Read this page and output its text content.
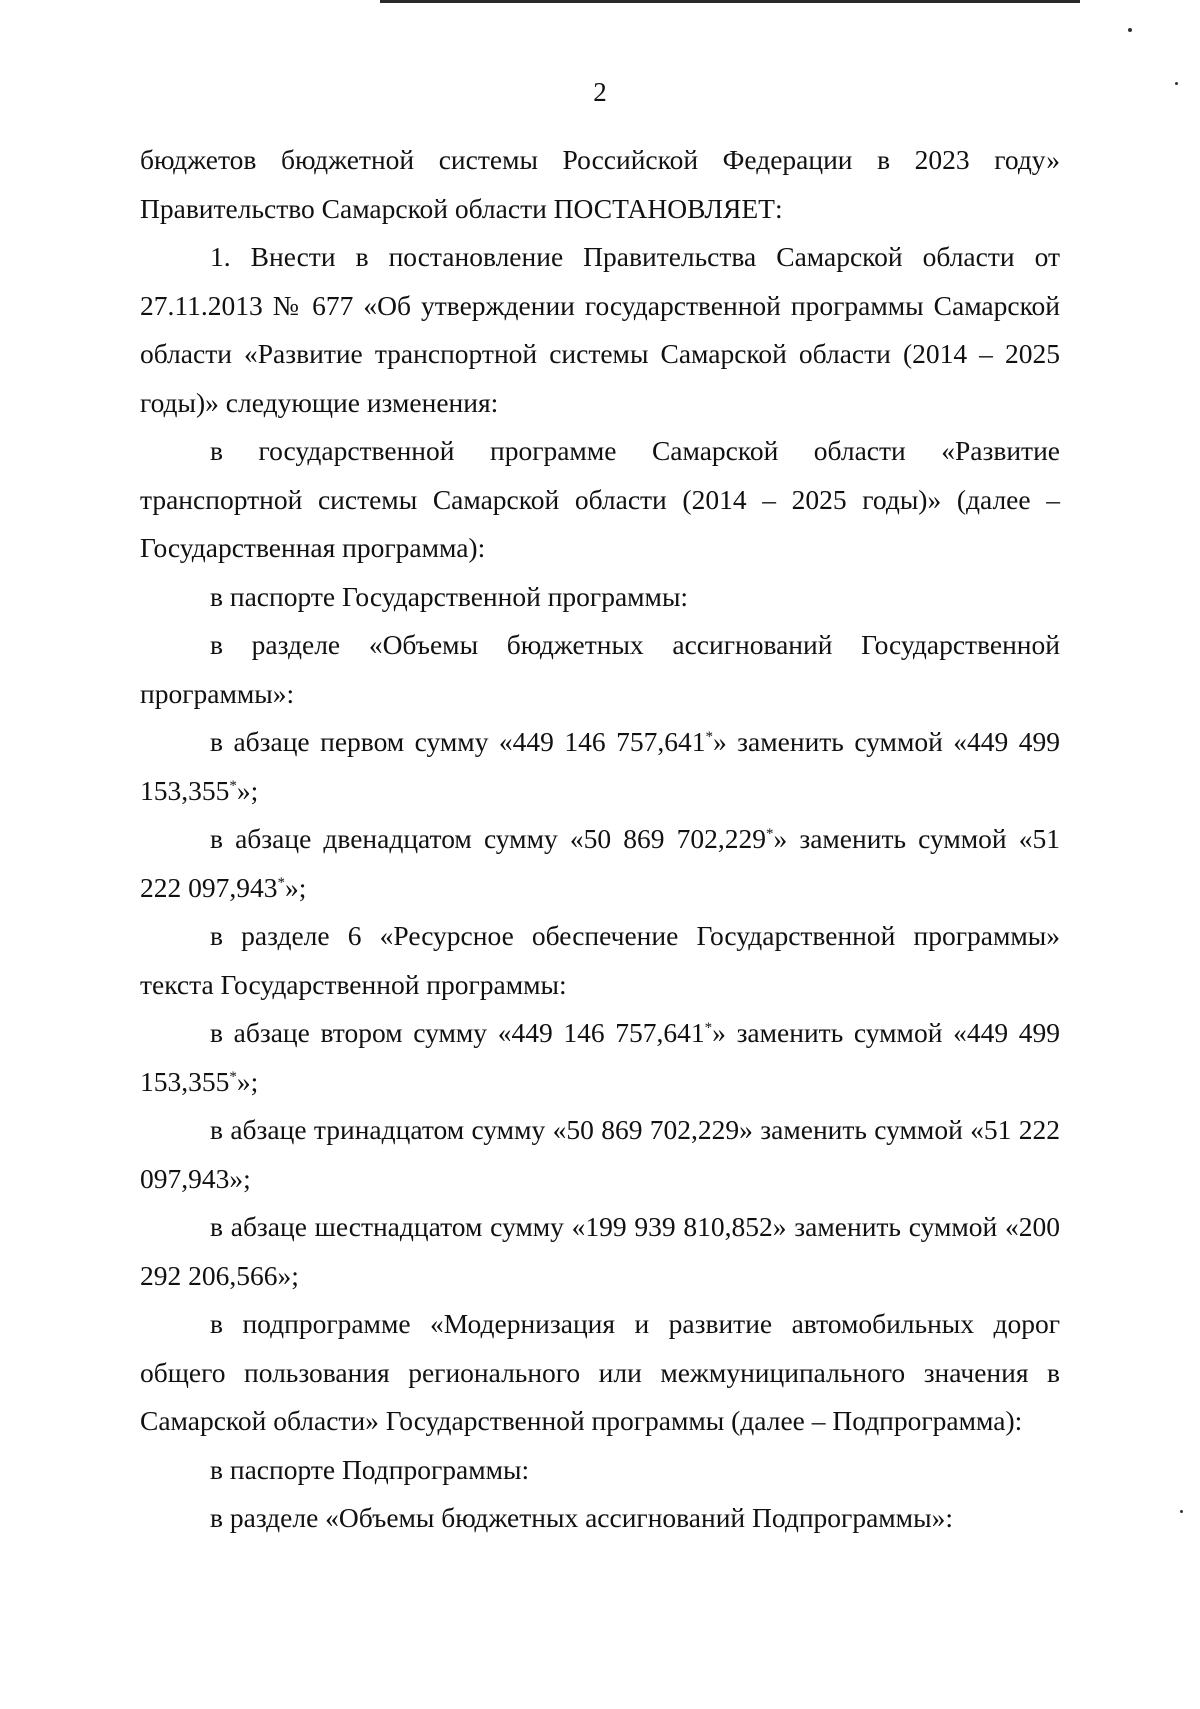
2

бюджетов бюджетной системы Российской Федерации в 2023 году» Правительство Самарской области ПОСТАНОВЛЯЕТ:

1. Внести в постановление Правительства Самарской области от 27.11.2013 № 677 «Об утверждении государственной программы Самарской области «Развитие транспортной системы Самарской области (2014 – 2025 годы)» следующие изменения:

в государственной программе Самарской области «Развитие транспортной системы Самарской области (2014 – 2025 годы)» (далее – Государственная программа):

в паспорте Государственной программы:

в разделе «Объемы бюджетных ассигнований Государственной программы»:

в абзаце первом сумму «449 146 757,641*» заменить суммой «449 499 153,355*»;

в абзаце двенадцатом сумму «50 869 702,229*» заменить суммой «51 222 097,943*»;

в разделе 6 «Ресурсное обеспечение Государственной программы» текста Государственной программы:

в абзаце втором сумму «449 146 757,641*» заменить суммой «449 499 153,355*»;

в абзаце тринадцатом сумму «50 869 702,229» заменить суммой «51 222 097,943»;

в абзаце шестнадцатом сумму «199 939 810,852» заменить суммой «200 292 206,566»;

в подпрограмме «Модернизация и развитие автомобильных дорог общего пользования регионального или межмуниципального значения в Самарской области» Государственной программы (далее – Подпрограмма):

в паспорте Подпрограммы:

в разделе «Объемы бюджетных ассигнований Подпрограммы»:
